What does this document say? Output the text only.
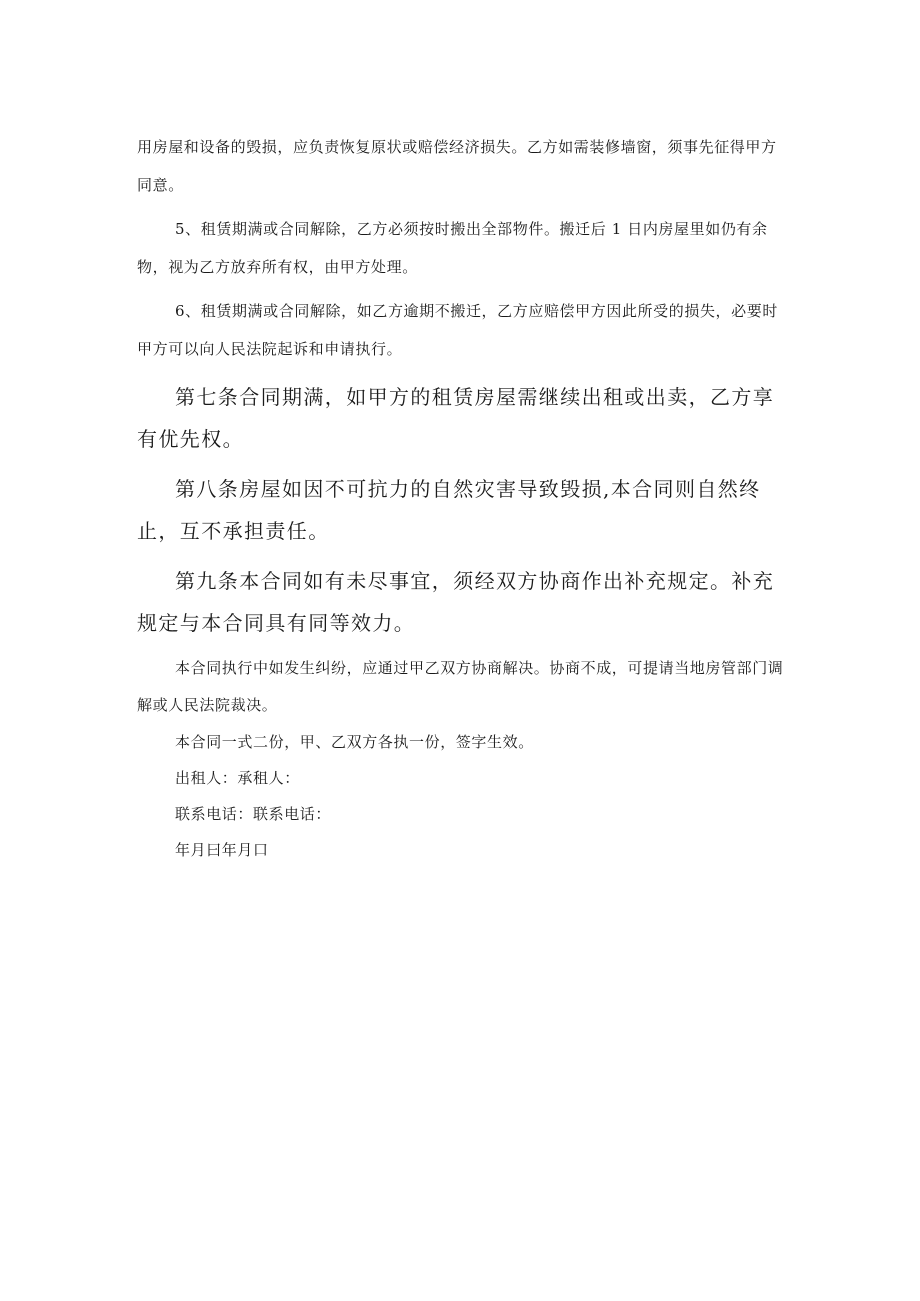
用房屋和设备的毁损，应负责恢复原状或赔偿经济损失。乙方如需装修墙窗，须事先征得甲方同意。

5、租赁期满或合同解除，乙方必须按时搬出全部物件。搬迁后 1 日内房屋里如仍有余物，视为乙方放弃所有权，由甲方处理。

6、租赁期满或合同解除，如乙方逾期不搬迁，乙方应赔偿甲方因此所受的损失，必要时甲方可以向人民法院起诉和申请执行。

第七条合同期满，如甲方的租赁房屋需继续出租或出卖，乙方享有优先权。

第八条房屋如因不可抗力的自然灾害导致毁损,本合同则自然终止，互不承担责任。

第九条本合同如有未尽事宜，须经双方协商作出补充规定。补充规定与本合同具有同等效力。

本合同执行中如发生纠纷，应通过甲乙双方协商解决。协商不成，可提请当地房管部门调解或人民法院裁决。

本合同一式二份，甲、乙双方各执一份，签字生效。

出租人：承租人：

联系电话：联系电话：

年月曰年月口
